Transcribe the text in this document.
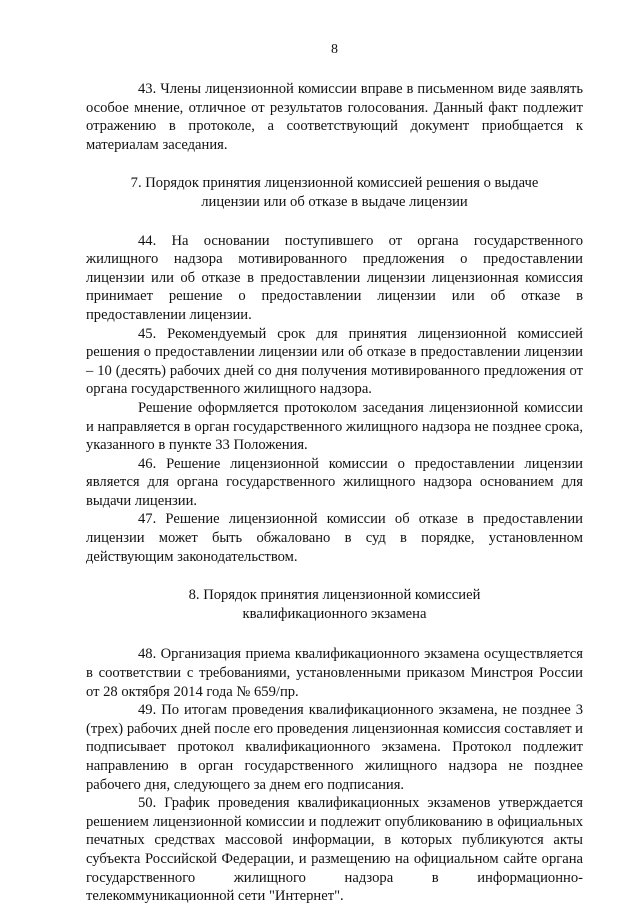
8

43. Члены лицензионной комиссии вправе в письменном виде заявлять особое мнение, отличное от результатов голосования. Данный факт подлежит отражению в протоколе, а соответствующий документ приобщается к материалам заседания.

7. Порядок принятия лицензионной комиссией решения о выдаче
лицензии или об отказе в выдаче лицензии

44. На основании поступившего от органа государственного жилищного надзора мотивированного предложения о предоставлении лицензии или об отказе в предоставлении лицензии лицензионная комиссия принимает решение о предоставлении лицензии или об отказе в предоставлении лицензии.

45. Рекомендуемый срок для принятия лицензионной комиссией решения о предоставлении лицензии или об отказе в предоставлении лицензии – 10 (десять) рабочих дней со дня получения мотивированного предложения от органа государственного жилищного надзора.

Решение оформляется протоколом заседания лицензионной комиссии и направляется в орган государственного жилищного надзора не позднее срока, указанного в пункте 33 Положения.

46. Решение лицензионной комиссии о предоставлении лицензии является для органа государственного жилищного надзора основанием для выдачи лицензии.

47. Решение лицензионной комиссии об отказе в предоставлении лицензии может быть обжаловано в суд в порядке, установленном действующим законодательством.

8. Порядок принятия лицензионной комиссией
квалификационного экзамена

48. Организация приема квалификационного экзамена осуществляется в соответствии с требованиями, установленными приказом Минстроя России от 28 октября 2014 года № 659/пр.

49. По итогам проведения квалификационного экзамена, не позднее 3 (трех) рабочих дней после его проведения лицензионная комиссия составляет и подписывает протокол квалификационного экзамена. Протокол подлежит направлению в орган государственного жилищного надзора не позднее рабочего дня, следующего за днем его подписания.

50. График проведения квалификационных экзаменов утверждается решением лицензионной комиссии и подлежит опубликованию в официальных печатных средствах массовой информации, в которых публикуются акты субъекта Российской Федерации, и размещению на официальном сайте органа государственного жилищного надзора в информационно-телекоммуникационной сети "Интернет".
